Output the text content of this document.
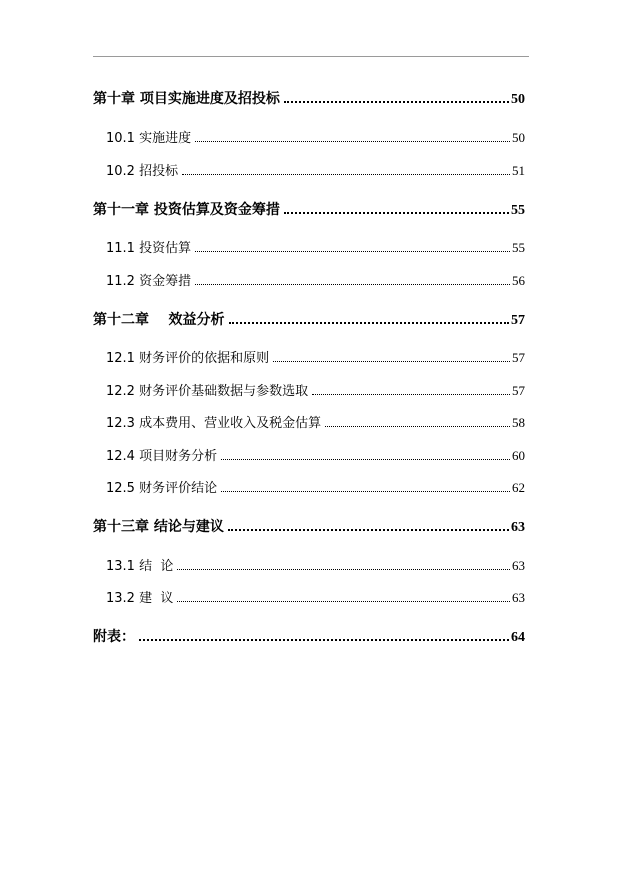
第十章 项目实施进度及招投标	50
10.1 实施进度	50
10.2 招投标	51
第十一章 投资估算及资金筹措	55
11.1 投资估算	55
11.2 资金筹措	56
第十二章    效益分析	57
12.1 财务评价的依据和原则	57
12.2 财务评价基础数据与参数选取	57
12.3 成本费用、营业收入及税金估算	58
12.4 项目财务分析	60
12.5 财务评价结论	62
第十三章 结论与建议	63
13.1 结  论	63
13.2 建  议	63
附表：	64
